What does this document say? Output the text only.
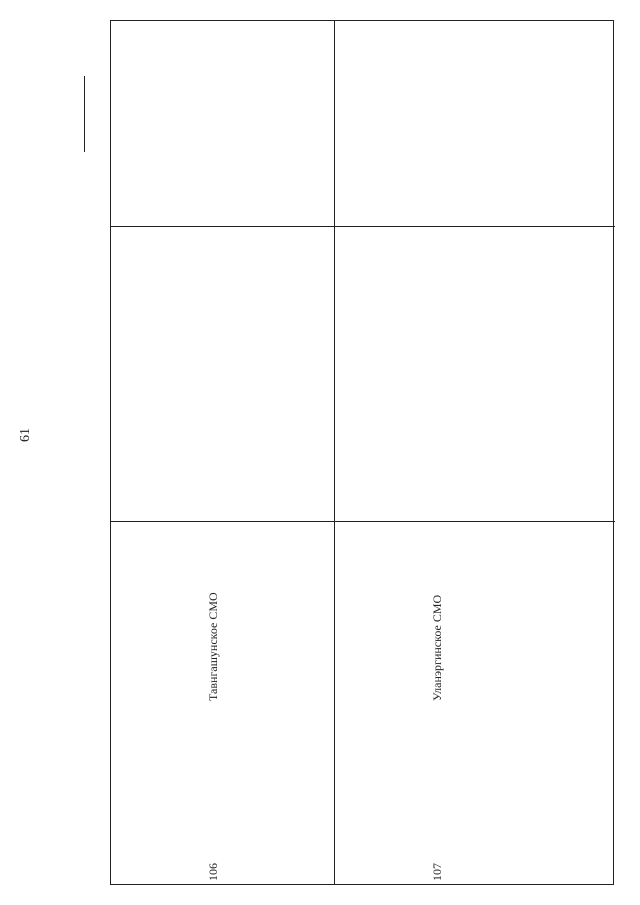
61
106
Тавнгашунское СМО

107
Уланэргинское СМО
